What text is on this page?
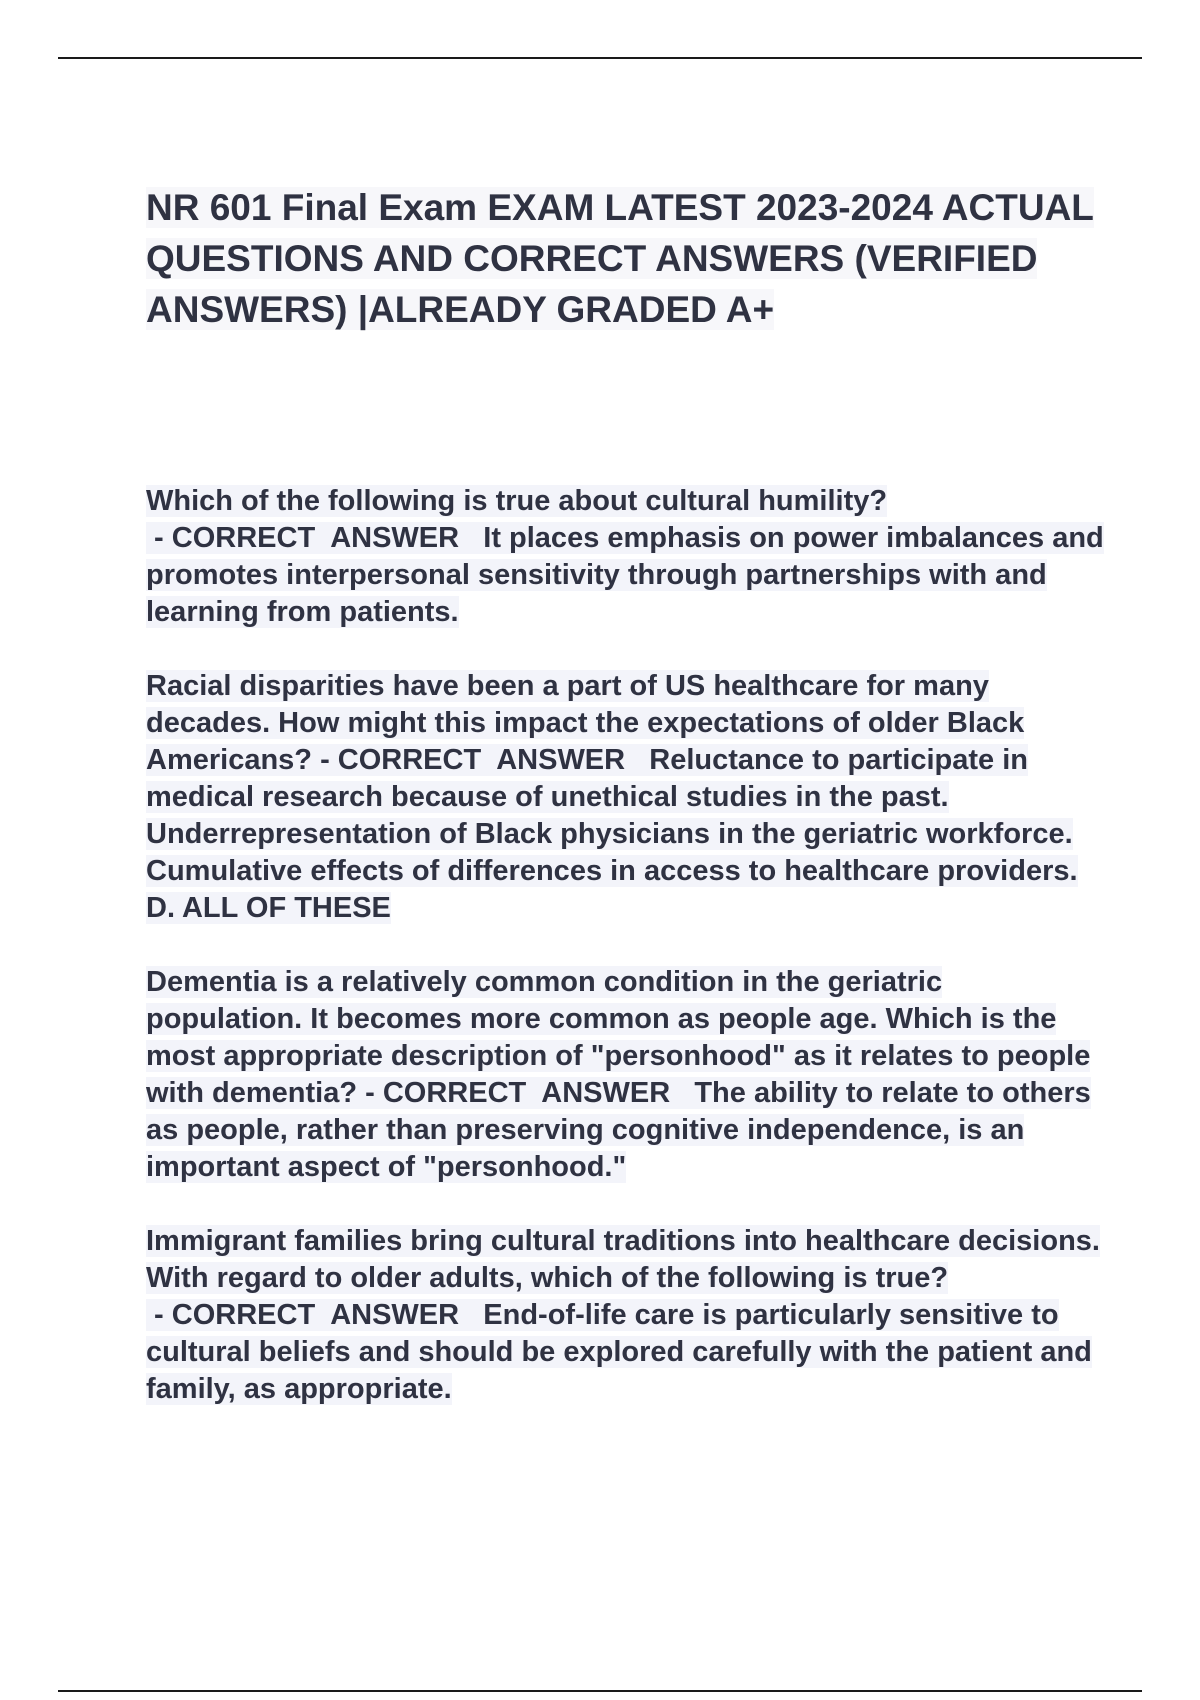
NR 601 Final Exam EXAM LATEST 2023-2024 ACTUAL QUESTIONS AND CORRECT ANSWERS (VERIFIED ANSWERS) |ALREADY GRADED A+

Which of the following is true about cultural humility? - CORRECT  ANSWER   It places emphasis on power imbalances and promotes interpersonal sensitivity through partnerships with and learning from patients.

Racial disparities have been a part of US healthcare for many decades. How might this impact the expectations of older Black Americans? - CORRECT  ANSWER   Reluctance to participate in medical research because of unethical studies in the past. Underrepresentation of Black physicians in the geriatric workforce. Cumulative effects of differences in access to healthcare providers. D. ALL OF THESE

Dementia is a relatively common condition in the geriatric population. It becomes more common as people age. Which is the most appropriate description of "personhood" as it relates to people with dementia? - CORRECT  ANSWER   The ability to relate to others as people, rather than preserving cognitive independence, is an important aspect of "personhood."

Immigrant families bring cultural traditions into healthcare decisions. With regard to older adults, which of the following is true? - CORRECT  ANSWER   End-of-life care is particularly sensitive to cultural beliefs and should be explored carefully with the patient and family, as appropriate.
